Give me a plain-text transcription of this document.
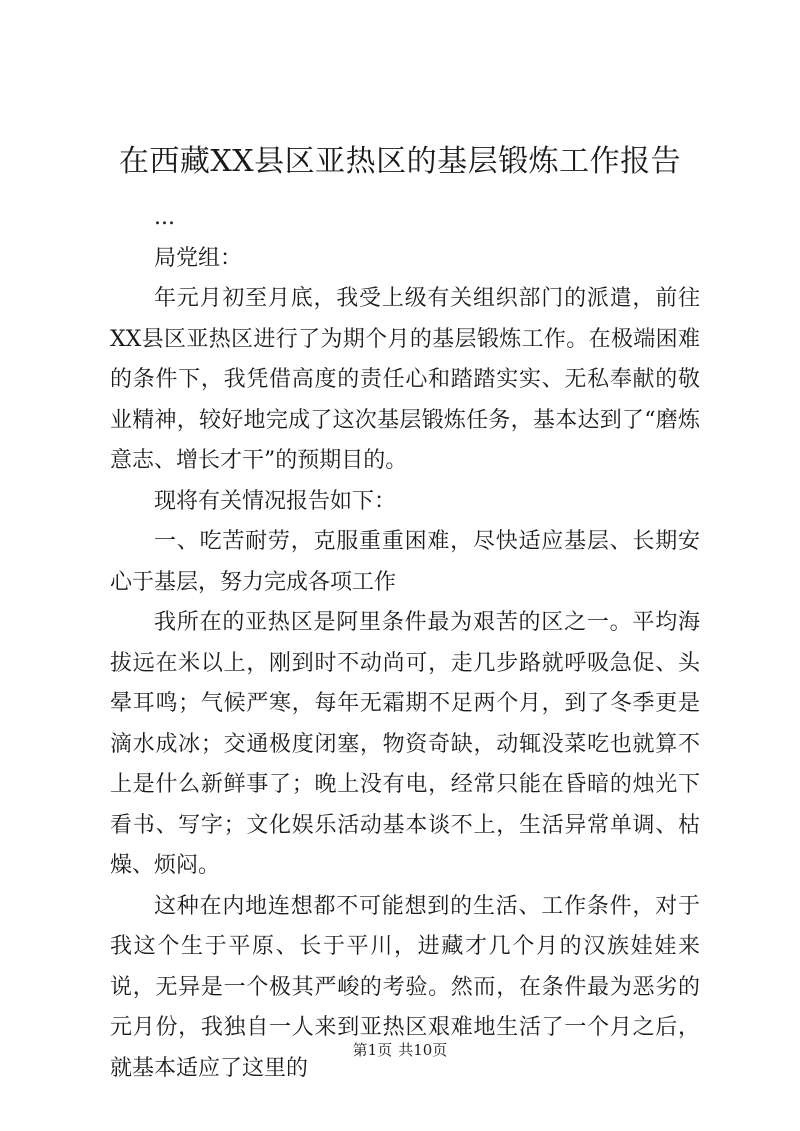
在西藏XX县区亚热区的基层锻炼工作报告

...

局党组：

年元月初至月底，我受上级有关组织部门的派遣，前往XX县区亚热区进行了为期个月的基层锻炼工作。在极端困难的条件下，我凭借高度的责任心和踏踏实实、无私奉献的敬业精神，较好地完成了这次基层锻炼任务，基本达到了“磨炼意志、增长才干”的预期目的。

现将有关情况报告如下：

一、吃苦耐劳，克服重重困难，尽快适应基层、长期安心于基层，努力完成各项工作

我所在的亚热区是阿里条件最为艰苦的区之一。平均海拔远在米以上，刚到时不动尚可，走几步路就呼吸急促、头晕耳鸣；气候严寒，每年无霜期不足两个月，到了冬季更是滴水成冰；交通极度闭塞，物资奇缺，动辄没菜吃也就算不上是什么新鲜事了；晚上没有电，经常只能在昏暗的烛光下看书、写字；文化娱乐活动基本谈不上，生活异常单调、枯燥、烦闷。

这种在内地连想都不可能想到的生活、工作条件，对于我这个生于平原、长于平川，进藏才几个月的汉族娃娃来说，无异是一个极其严峻的考验。然而，在条件最为恶劣的元月份，我独自一人来到亚热区艰难地生活了一个月之后，就基本适应了这里的

第1页 共10页
